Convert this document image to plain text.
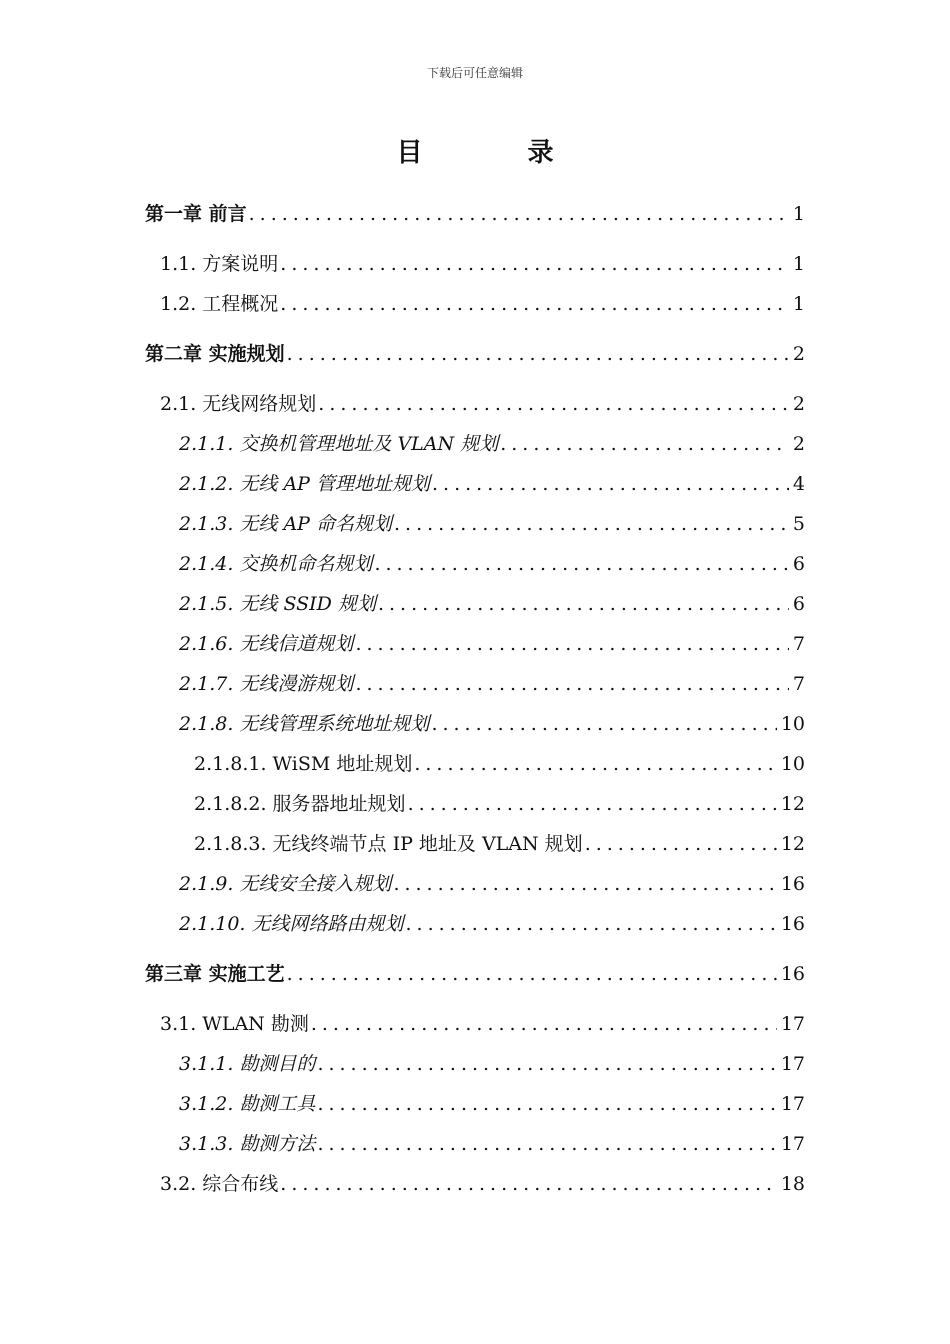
下载后可任意编辑
目 录
第一章 前言 .....	1
1.1. 方案说明 .....	1
1.2. 工程概况 .....	1
第二章 实施规划 .....	2
2.1. 无线网络规划 .....	2
2.1.1. 交换机管理地址及 VLAN 规划 .....	2
2.1.2. 无线 AP 管理地址规划 .....	4
2.1.3. 无线 AP 命名规划 .....	5
2.1.4. 交换机命名规划 .....	6
2.1.5. 无线 SSID 规划 .....	6
2.1.6. 无线信道规划 .....	7
2.1.7. 无线漫游规划 .....	7
2.1.8. 无线管理系统地址规划 .....	10
2.1.8.1. WiSM 地址规划 .....	10
2.1.8.2. 服务器地址规划 .....	12
2.1.8.3. 无线终端节点 IP 地址及 VLAN 规划 .....	12
2.1.9. 无线安全接入规划 .....	16
2.1.10. 无线网络路由规划 .....	16
第三章 实施工艺 .....	16
3.1. WLAN 勘测 .....	17
3.1.1. 勘测目的 .....	17
3.1.2. 勘测工具 .....	17
3.1.3. 勘测方法 .....	17
3.2. 综合布线 .....	18
